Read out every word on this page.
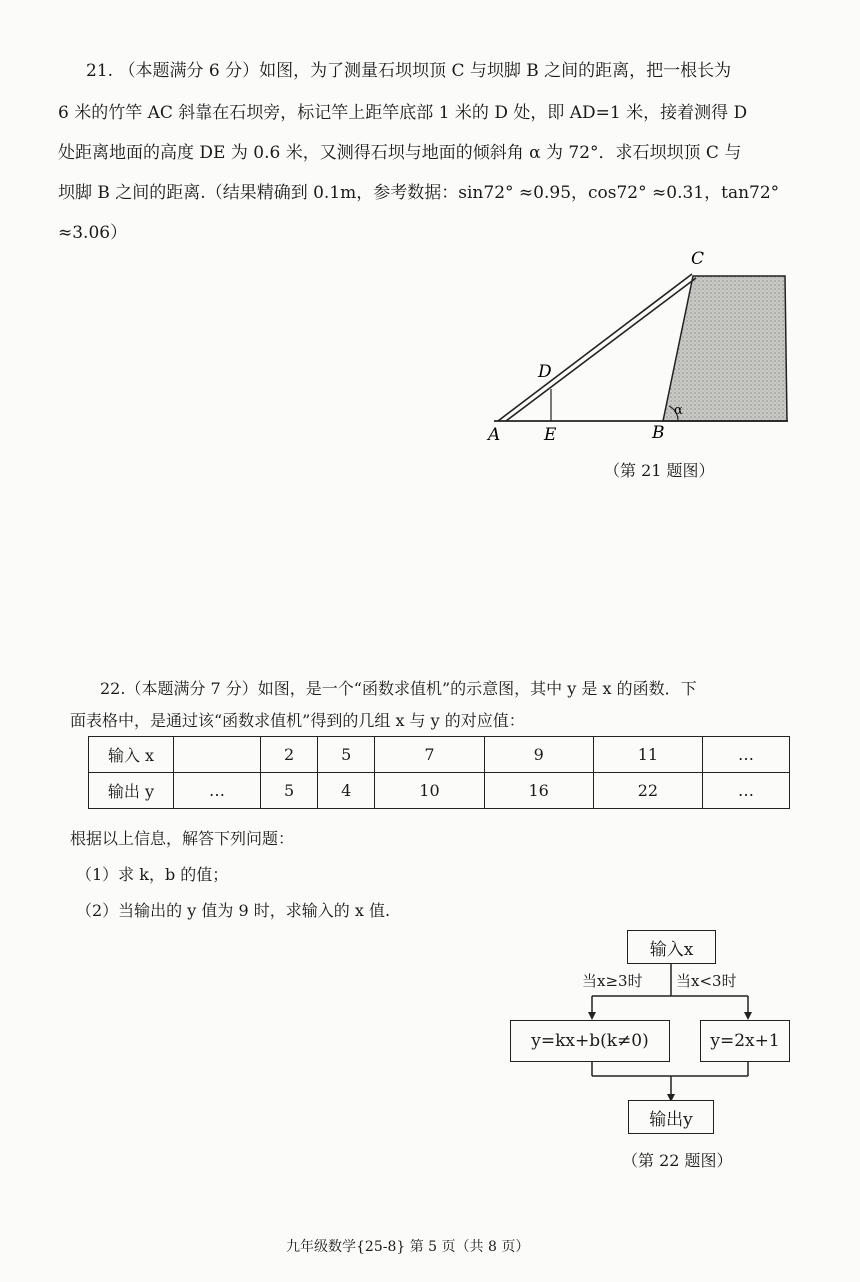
21. （本题满分 6 分）如图，为了测量石坝坝顶 C 与坝脚 B 之间的距离，把一根长为
6 米的竹竿 AC 斜靠在石坝旁，标记竿上距竿底部 1 米的 D 处，即 AD=1 米，接着测得 D
处距离地面的高度 DE 为 0.6 米，又测得石坝与地面的倾斜角 α 为 72°．求石坝坝顶 C 与
坝脚 B 之间的距离.（结果精确到 0.1m，参考数据：sin72° ≈0.95，cos72° ≈0.31，tan72°
≈3.06）
A	E	B
D
C
α
（第 21 题图）
22.（本题满分 7 分）如图，是一个“函数求值机”的示意图，其中 y 是 x 的函数．下
面表格中，是通过该“函数求值机”得到的几组 x 与 y 的对应值：
输入 x		2	5	7	9	11	…
输出 y	…	5	4	10	16	22	…
根据以上信息，解答下列问题：
（1）求 k，b 的值；
（2）当输出的 y 值为 9 时，求输入的 x 值.
输入x
当x≥3时 当x<3时
y=kx+b(k≠0)	y=2x+1
输出y
（第 22 题图）
九年级数学{25-8} 第 5 页（共 8 页）
